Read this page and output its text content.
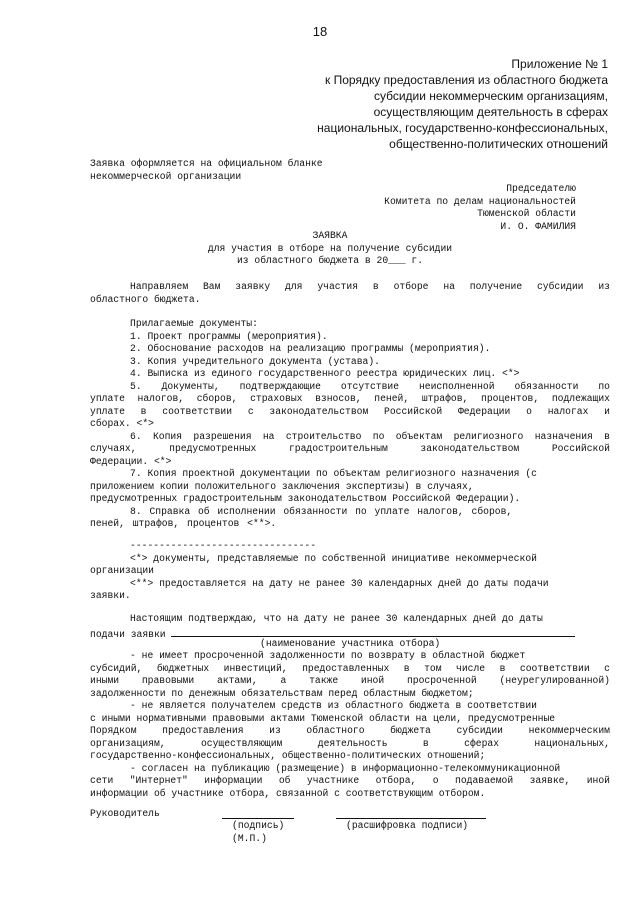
18
Приложение № 1
к Порядку предоставления из областного бюджета
субсидии некоммерческим организациям,
осуществляющим деятельность в сферах
национальных, государственно-конфессиональных,
общественно-политических отношений
Заявка оформляется на официальном бланке
некоммерческой организации
Председателю
Комитета по делам национальностей
Тюменской области
И. О. ФАМИЛИЯ
ЗАЯВКА
для участия в отборе на получение субсидии
из областного бюджета в 20___ г.
Направляем Вам заявку для участия в отборе на получение субсидии из
областного бюджета.
Прилагаемые документы:
1. Проект программы (мероприятия).
2. Обоснование расходов на реализацию программы (мероприятия).
3. Копия учредительного документа (устава).
4. Выписка из единого государственного реестра юридических лиц. <*>
5. Документы, подтверждающие отсутствие неисполненной обязанности по
уплате налогов, сборов, страховых взносов, пеней, штрафов, процентов, подлежащих
уплате в соответствии с законодательством Российской Федерации о налогах и
сборах. <*>
6. Копия разрешения на строительство по объектам религиозного назначения в
случаях, предусмотренных градостроительным законодательством Российской
Федерации. <*>
7. Копия проектной документации по объектам религиозного назначения (с
приложением копии положительного заключения экспертизы) в случаях,
предусмотренных градостроительным законодательством Российской Федерации).
8. Справка об исполнении обязанности по уплате налогов, сборов,
пеней, штрафов, процентов <**>.
--------------------------------
<*> документы, представляемые по собственной инициативе некоммерческой
организации
<**> предоставляется на дату не ранее 30 календарных дней до даты подачи
заявки.
Настоящим подтверждаю, что на дату не ранее 30 календарных дней до даты
подачи заявки
(наименование участника отбора)
- не имеет просроченной задолженности по возврату в областной бюджет
субсидий, бюджетных инвестиций, предоставленных в том числе в соответствии с
иными правовыми актами, а также иной просроченной (неурегулированной)
задолженности по денежным обязательствам перед областным бюджетом;
- не является получателем средств из областного бюджета в соответствии
с иными нормативными правовыми актами Тюменской области на цели, предусмотренные
Порядком предоставления из областного бюджета субсидии некоммерческим
организациям, осуществляющим деятельность в сферах национальных,
государственно-конфессиональных, общественно-политических отношений;
- согласен на публикацию (размещение) в информационно-телекоммуникационной
сети "Интернет" информации об участнике отбора, о подаваемой заявке, иной
информации об участнике отбора, связанной с соответствующим отбором.
Руководитель
(подпись)	(расшифровка подписи)
(М.П.)
